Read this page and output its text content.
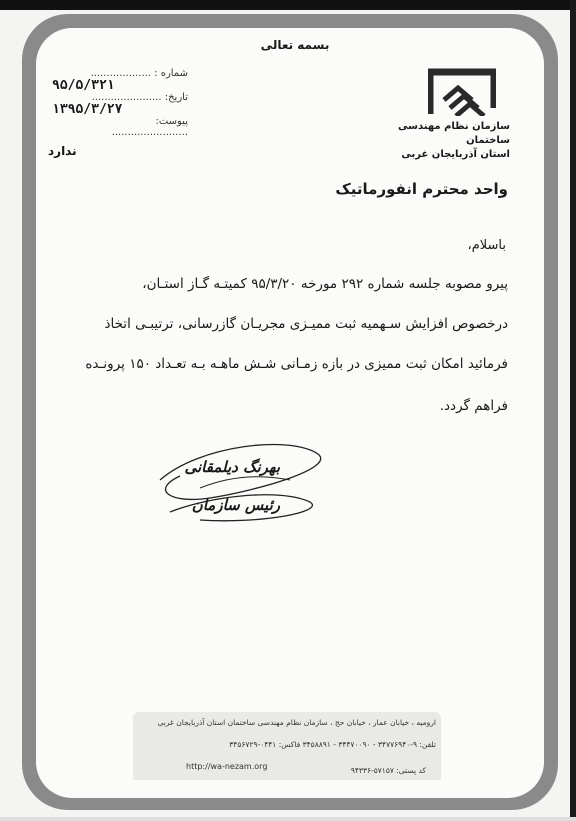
بسمه تعالی
شماره : ...................
۹۵/۵/۳۲۱
تاریخ: ......................
۱۳۹۵/۳/۲۷
پیوست: ........................
ندارد
سازمان نظام مهندسی ساختمان
استان آذربایجان غربی
واحد محترم انفورماتیک
باسلام،
پیرو مصوبه جلسه شماره ۲۹۲ مورخه ۹۵/۳/۲۰ کمیتـه گـاز استـان،
درخصوص افزایش سـهمیه ثبت ممیـزی مجریـان گازرسانی، ترتیبـی اتخاذ
فرمائید امکان ثبت ممیزی در بازه زمـانی شـش ماهـه بـه تعـداد ۱۵۰ پرونـده
فراهم گردد.
بهرنگ دیلمقانی
رئیس سازمان
ارومیه ، خیابان عمار ، خیابان حج ، سازمان نظام مهندسی ساختمان استان آذربایجان غربی
تلفن: ۹-۳۴۷۷۶۹۴۰ - ۳۴۴۷۰۰۹۰ - ۳۴۵۸۸۹۱ فاکس: ۰۴۴۱-۳۴۵۶۷۲۹
http://wa-nezam.org	کد پستی: ۵۷۱۵۷-۹۴۳۳۶
